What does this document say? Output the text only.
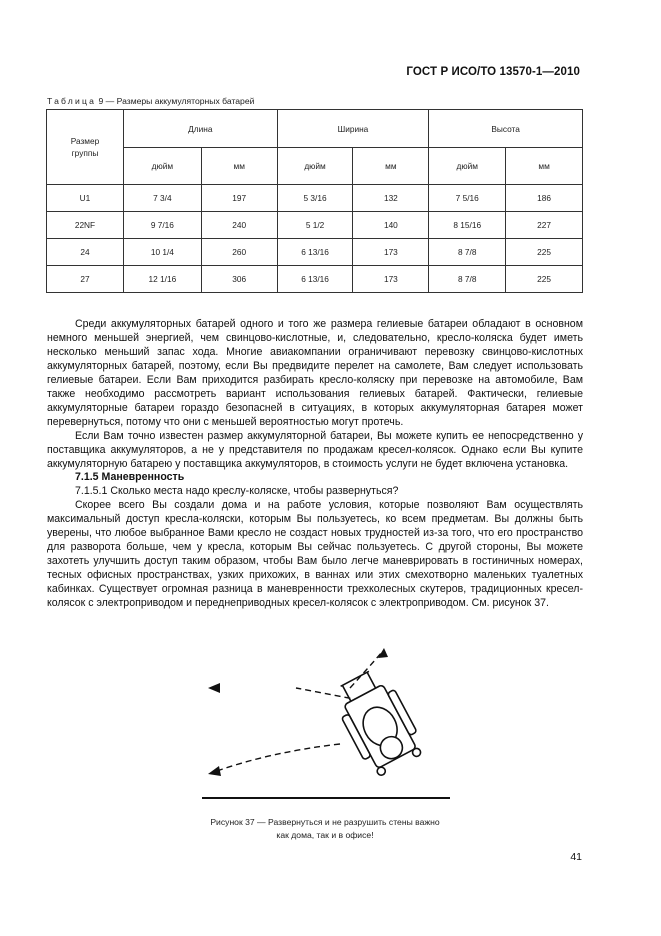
ГОСТ Р ИСО/ТО 13570-1—2010
Таблица 9 — Размеры аккумуляторных батарей
Размер группы	Длина		Ширина		Высота	
	дюйм	мм	дюйм	мм	дюйм	мм
U1	7 3/4	197	5 3/16	132	7 5/16	186
22NF	9 7/16	240	5 1/2	140	8 15/16	227
24	10 1/4	260	6 13/16	173	8 7/8	225
27	12 1/16	306	6 13/16	173	8 7/8	225

Среди аккумуляторных батарей одного и того же размера гелиевые батареи обладают в основном немного меньшей энергией, чем свинцово-кислотные, и, следовательно, кресло-коляска будет иметь несколько меньший запас хода. Многие авиакомпании ограничивают перевозку свинцово-кислотных аккумуляторных батарей, поэтому, если Вы предвидите перелет на самолете, Вам следует использовать гелиевые батареи. Если Вам приходится разбирать кресло-коляску при перевозке на автомобиле, Вам также необходимо рассмотреть вариант использования гелиевых батарей. Фактически, гелиевые аккумуляторные батареи гораздо безопасней в ситуациях, в которых аккумуляторная батарея может перевернуться, потому что они с меньшей вероятностью могут протечь.

Если Вам точно известен размер аккумуляторной батареи, Вы можете купить ее непосредственно у поставщика аккумуляторов, а не у представителя по продажам кресел-колясок. Однако если Вы купите аккумуляторную батарею у поставщика аккумуляторов, в стоимость услуги не будет включена установка.

7.1.5 Маневренность

7.1.5.1 Сколько места надо креслу-коляске, чтобы развернуться?

Скорее всего Вы создали дома и на работе условия, которые позволяют Вам осуществлять максимальный доступ кресла-коляски, которым Вы пользуетесь, ко всем предметам. Вы должны быть уверены, что любое выбранное Вами кресло не создаст новых трудностей из-за того, что его пространство для разворота больше, чем у кресла, которым Вы сейчас пользуетесь. С другой стороны, Вы можете захотеть улучшить доступ таким образом, чтобы Вам было легче маневрировать в гостиничных номерах, тесных офисных пространствах, узких прихожих, в ваннах или этих смехотворно маленьких туалетных кабинках. Существует огромная разница в маневренности трехколесных скутеров, традиционных кресел-колясок с электроприводом и переднеприводных кресел-колясок с электроприводом. См. рисунок 37.

Рисунок 37 — Развернуться и не разрушить стены важно
как дома, так и в офисе!
41
